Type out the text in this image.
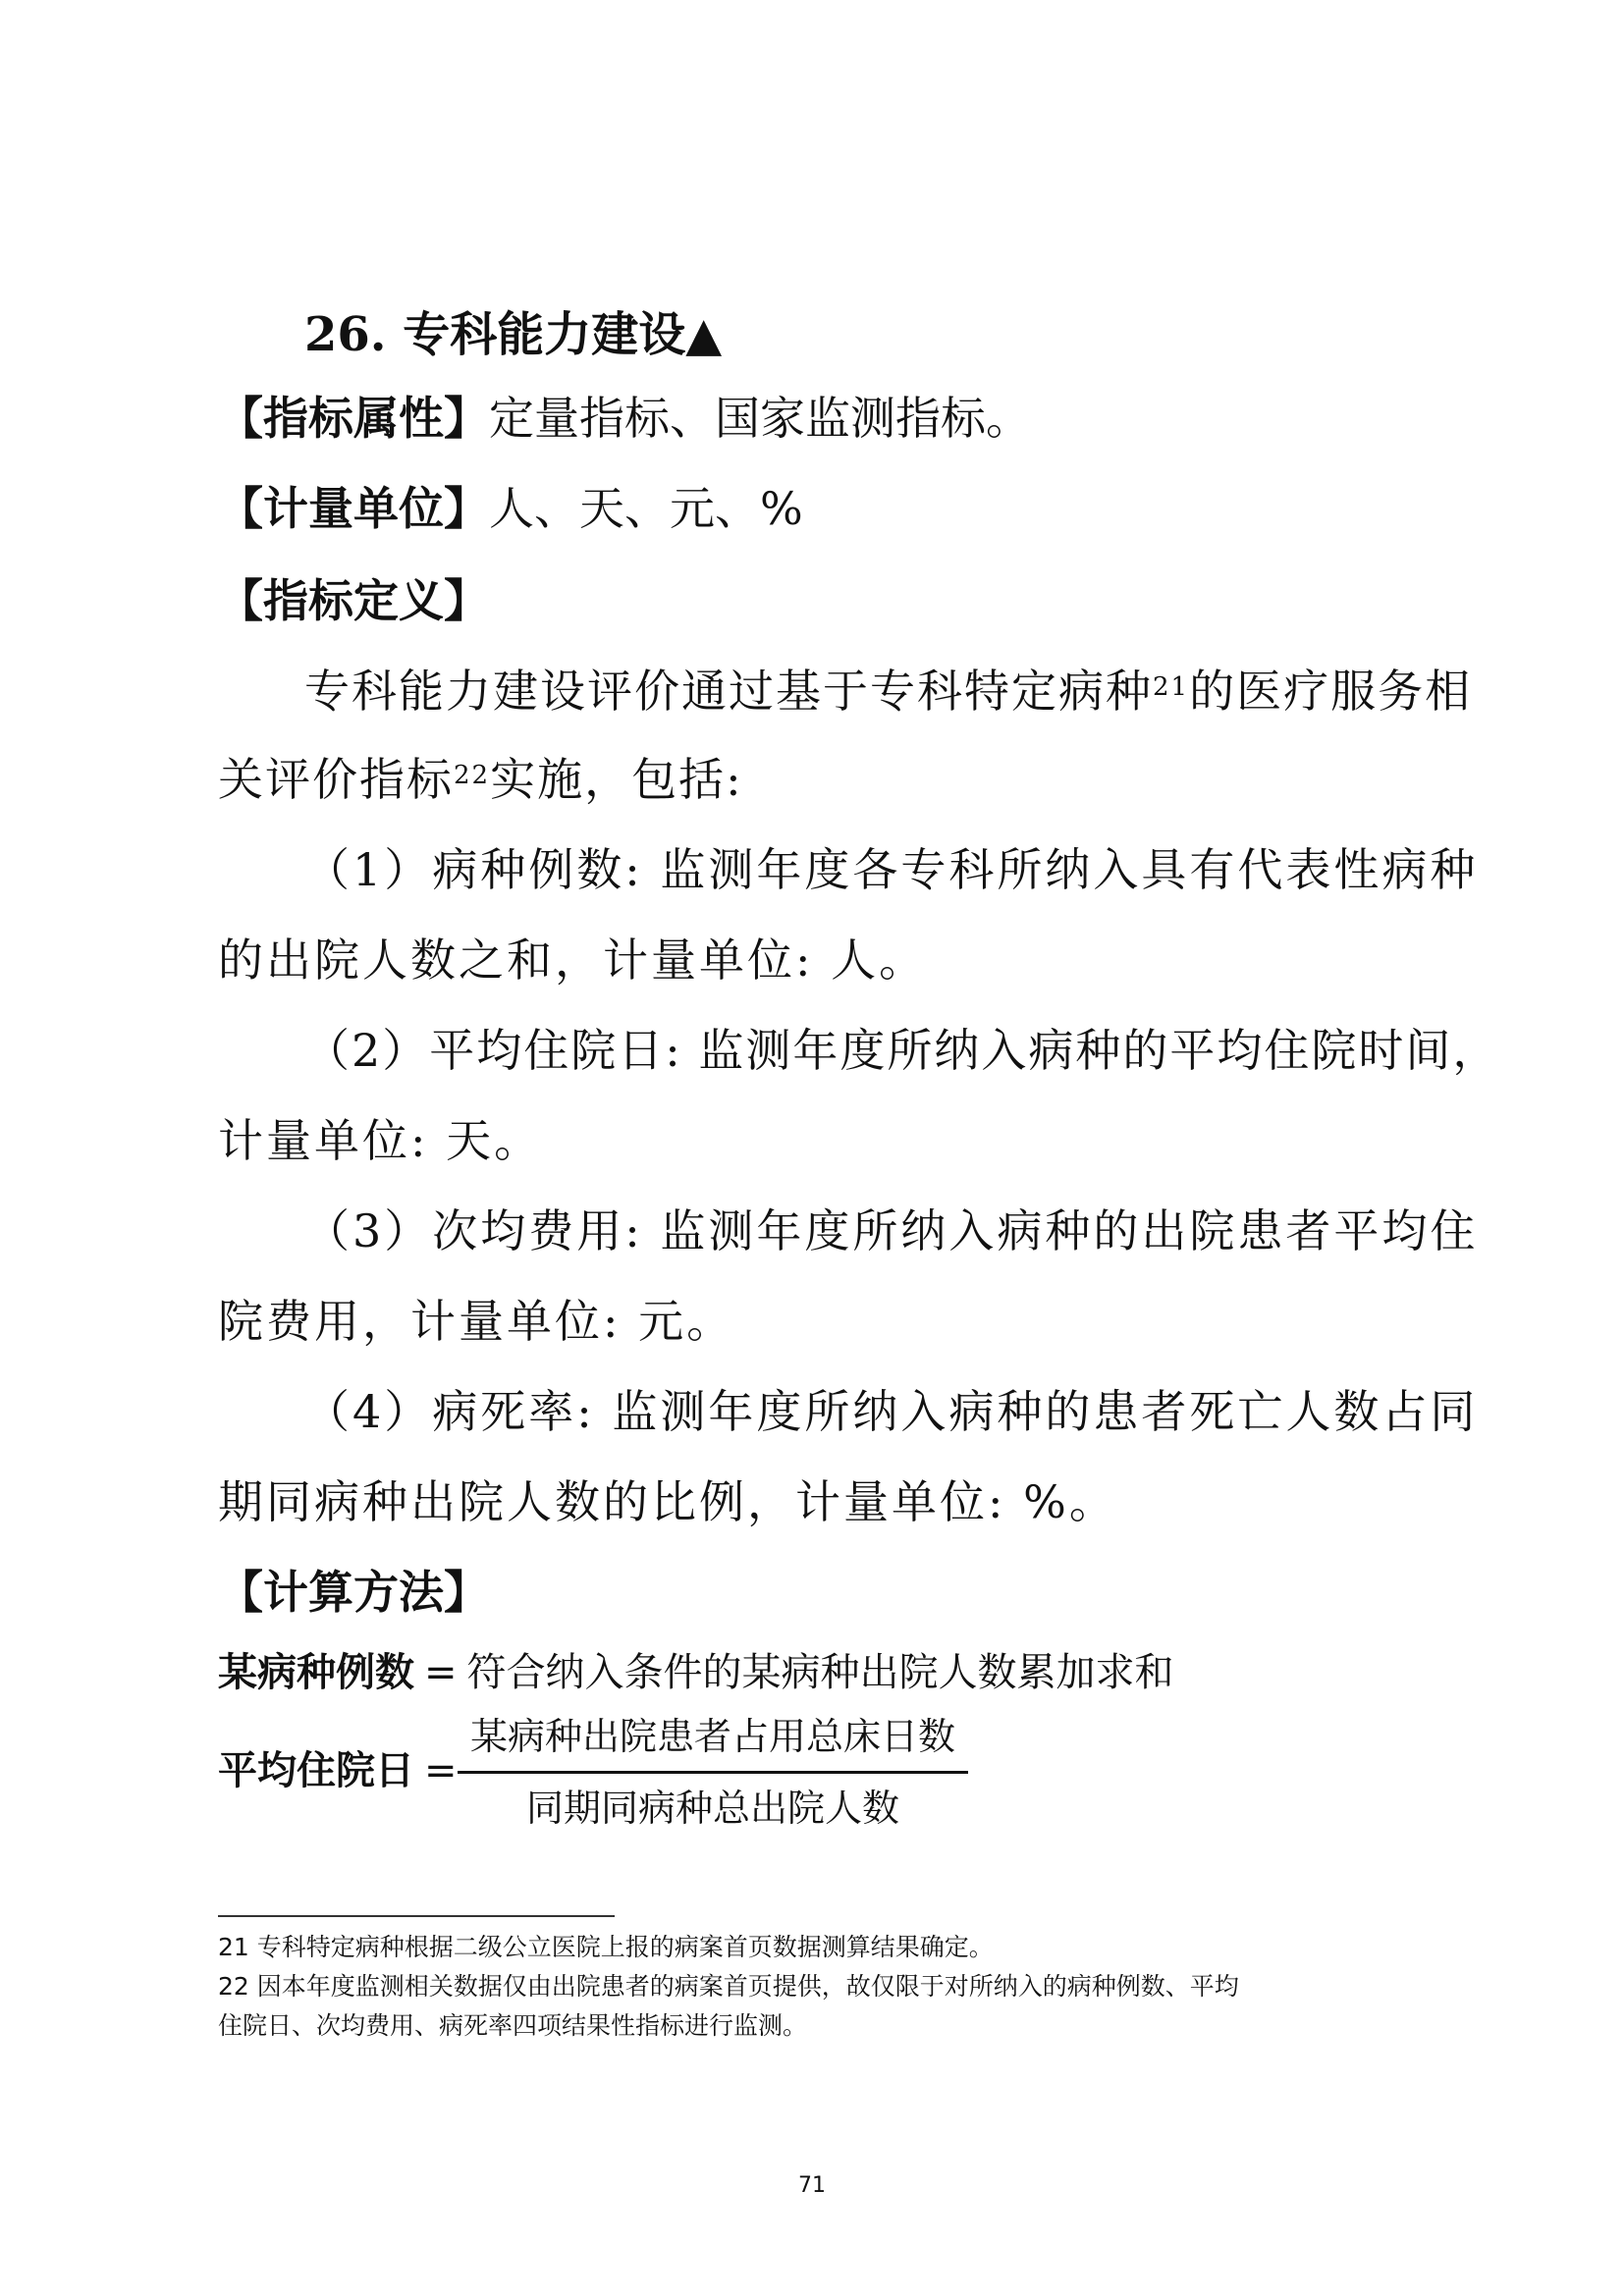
26. 专科能力建设▲
【指标属性】定量指标、国家监测指标。
【计量单位】人、天、元、%
【指标定义】
专科能力建设评价通过基于专科特定病种$^{21}$的医疗服务相
关评价指标$^{22}$实施，包括:
（1）病种例数: 监测年度各专科所纳入具有代表性病种
的出院人数之和，计量单位: 人。
（2）平均住院日: 监测年度所纳入病种的平均住院时间，
计量单位: 天。
（3）次均费用: 监测年度所纳入病种的出院患者平均住
院费用，计量单位: 元。
（4）病死率: 监测年度所纳入病种的患者死亡人数占同
期同病种出院人数的比例，计量单位: %。
【计算方法】
某病种例数 = 符合纳入条件的某病种出院人数累加求和
平均住院日 =
某病种出院患者占用总床日数
同期同病种总出院人数
21 专科特定病种根据二级公立医院上报的病案首页数据测算结果确定。
22 因本年度监测相关数据仅由出院患者的病案首页提供，故仅限于对所纳入的病种例数、平均
住院日、次均费用、病死率四项结果性指标进行监测。
71
